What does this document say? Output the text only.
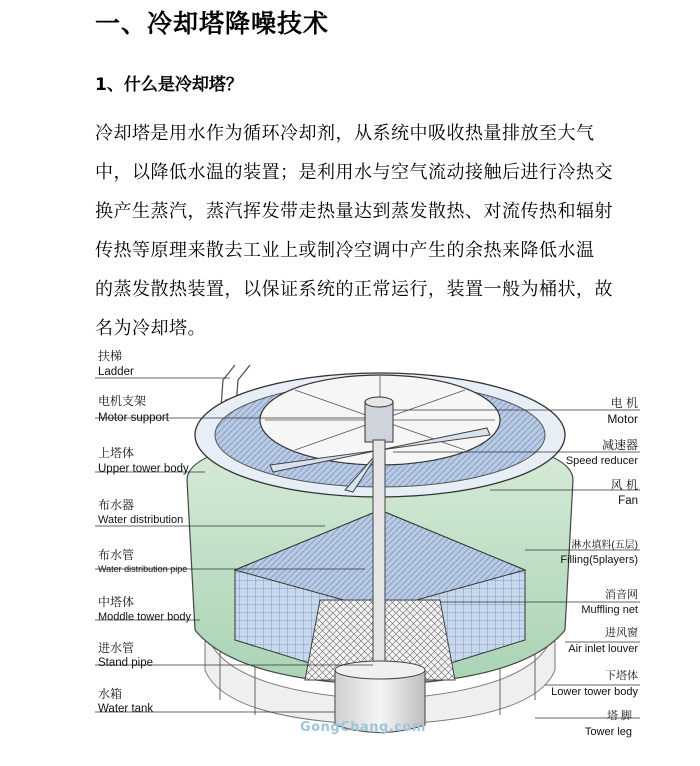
一、冷却塔降噪技术
1、什么是冷却塔？

冷却塔是用水作为循环冷却剂，从系统中吸收热量排放至大气

中，以降低水温的装置；是利用水与空气流动接触后进行冷热交

换产生蒸汽，蒸汽挥发带走热量达到蒸发散热、对流传热和辐射

传热等原理来散去工业上或制冷空调中产生的余热来降低水温

的蒸发散热装置，以保证系统的正常运行，装置一般为桶状，故

名为冷却塔。

扶梯
Ladder
电机支架
Motor support
上塔体
Upper tower body
布水器
Water distribution
布水管
Water distribution pipe
中塔体
Moddle tower body
进水管
Stand pipe
水箱
Water tank
电 机
Motor
减速器
Speed reducer
风 机
Fan
淋水填料(五层)
Filling(5players)
消音网
Muffling net
进风窗
Air inlet louver
下塔体
Lower tower body
塔 脚
Tower leg
GongChang.com
